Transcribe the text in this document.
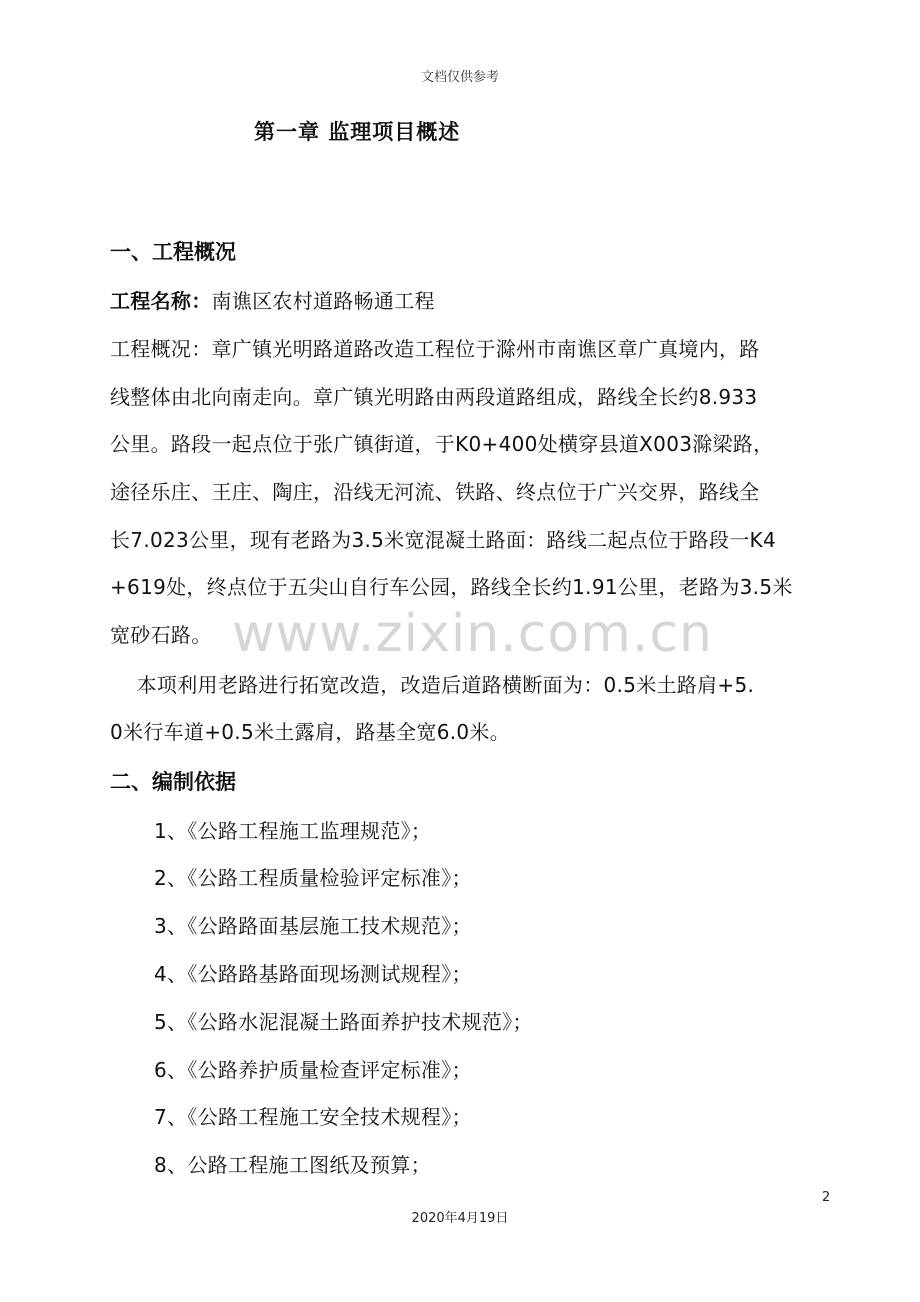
文档仅供参考
第一章 监理项目概述
一、工程概况
工程名称：南谯区农村道路畅通工程
工程概况：章广镇光明路道路改造工程位于滁州市南谯区章广真境内，路
线整体由北向南走向。章广镇光明路由两段道路组成，路线全长约8.933
公里。路段一起点位于张广镇街道，于K0+400处横穿县道X003滁梁路，
途径乐庄、王庄、陶庄，沿线无河流、铁路、终点位于广兴交界，路线全
长7.023公里，现有老路为3.5米宽混凝土路面：路线二起点位于路段一K4
+619处，终点位于五尖山自行车公园，路线全长约1.91公里，老路为3.5米
宽砂石路。 www.zixin.com.cn
本项利用老路进行拓宽改造，改造后道路横断面为：0.5米土路肩+5.
0米行车道+0.5米土露肩，路基全宽6.0米。
二、编制依据
1、《公路工程施工监理规范》；
2、《公路工程质量检验评定标准》；
3、《公路路面基层施工技术规范》；
4、《公路路基路面现场测试规程》；
5、《公路水泥混凝土路面养护技术规范》；
6、《公路养护质量检查评定标准》；
7、《公路工程施工安全技术规程》；
8、公路工程施工图纸及预算；
2
2020年4月19日
